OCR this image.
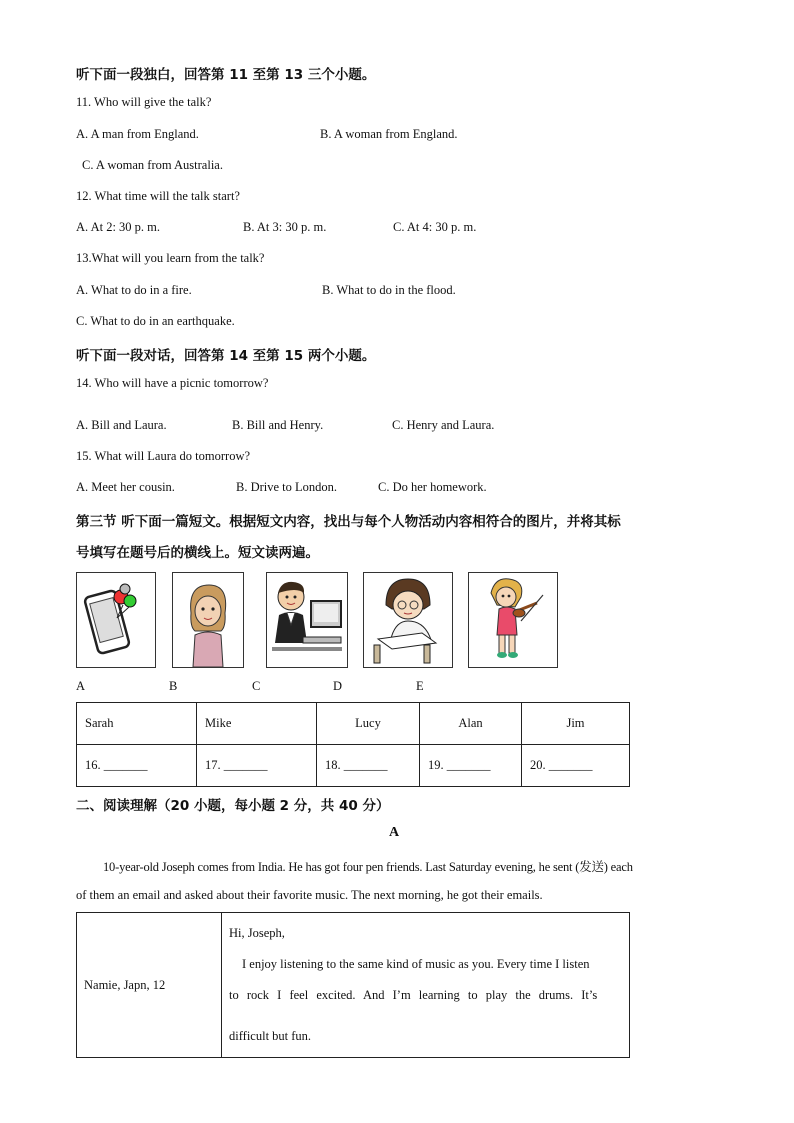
听下面一段独白，回答第 11 至第 13 三个小题。
11. Who will give the talk?
A. A man from England.	B. A woman from England.
C. A woman from Australia.
12. What time will the talk start?
A. At 2: 30 p. m.	B. At 3: 30 p. m.	C. At 4: 30 p. m.
13.What will you learn from the talk?
A. What to do in a fire.	B. What to do in the flood.
C. What to do in an earthquake.
听下面一段对话，回答第 14 至第 15 两个小题。
14. Who will have a picnic tomorrow?
A. Bill and Laura.	B. Bill and Henry.	C. Henry and Laura.
15. What will Laura do tomorrow?
A. Meet her cousin.	B. Drive to London.	C. Do her homework.
第三节 听下面一篇短文。根据短文内容，找出与每个人物活动内容相符合的图片，并将其标
号填写在题号后的横线上。短文读两遍。
A	B	C	D	E
Sarah	Mike	Lucy	Alan	Jim
16. _______	17. _______	18. _______	19. _______	20. _______
二、阅读理解（20 小题，每小题 2 分，共 40 分）
A
10-year-old Joseph comes from India. He has got four pen friends. Last Saturday evening, he sent (发送) each
of them an email and asked about their favorite music. The next morning, he got their emails.
Namie, Japn, 12	
Hi, Joseph,
I enjoy listening to the same kind of music as you. Every time I listen
to rock I feel excited. And I’m learning to play the drums. It’s
difficult but fun.
